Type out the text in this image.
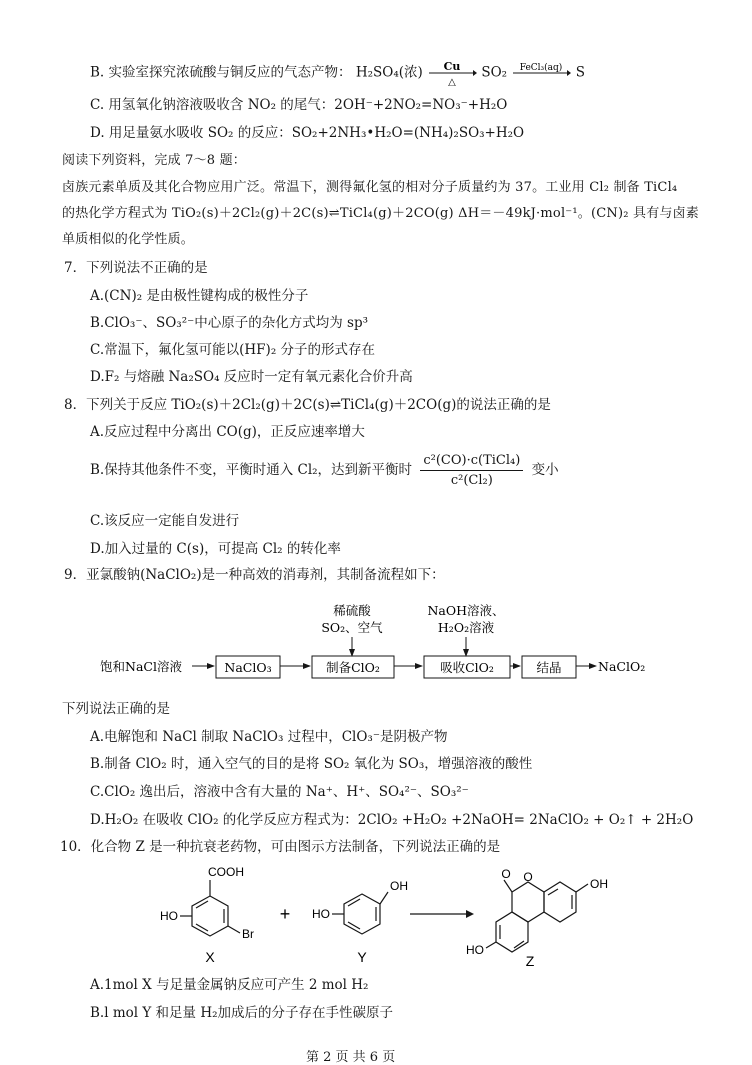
B. 实验室探究浓硫酸与铜反应的气态产物： H₂SO₄(浓) Cu
△
SO₂ FeCl₃(aq) S
C. 用氢氧化钠溶液吸收含 NO₂ 的尾气：2OH⁻+2NO₂=NO₃⁻+H₂O
D. 用足量氨水吸收 SO₂ 的反应：SO₂+2NH₃•H₂O=(NH₄)₂SO₃+H₂O
阅读下列资料，完成 7～8 题：
卤族元素单质及其化合物应用广泛。常温下，测得氟化氢的相对分子质量约为 37。工业用 Cl₂ 制备 TiCl₄
的热化学方程式为 TiO₂(s)＋2Cl₂(g)＋2C(s)⇌TiCl₄(g)＋2CO(g) ΔH＝－49kJ·mol⁻¹。(CN)₂ 具有与卤素
单质相似的化学性质。
7．下列说法不正确的是
A.(CN)₂ 是由极性键构成的极性分子
B.ClO₃⁻、SO₃²⁻中心原子的杂化方式均为 sp³
C.常温下，氟化氢可能以(HF)₂ 分子的形式存在
D.F₂ 与熔融 Na₂SO₄ 反应时一定有氧元素化合价升高
8．下列关于反应 TiO₂(s)＋2Cl₂(g)＋2C(s)⇌TiCl₄(g)＋2CO(g)的说法正确的是
A.反应过程中分离出 CO(g)，正反应速率增大
B.保持其他条件不变，平衡时通入 Cl₂，达到新平衡时 $\frac{\text{c²(CO)·c(TiCl₄)}}{\text{c²(Cl₂)}}$ 变小
C.该反应一定能自发进行
D.加入过量的 C(s)，可提高 Cl₂ 的转化率
9．亚氯酸钠(NaClO₂)是一种高效的消毒剂，其制备流程如下：
稀硫酸
SO₂、空气
NaOH溶液、
H₂O₂溶液
饱和NaCl溶液	NaClO₃	制备ClO₂	吸收ClO₂	结晶	NaClO₂
下列说法正确的是
A.电解饱和 NaCl 制取 NaClO₃ 过程中，ClO₃⁻是阴极产物
B.制备 ClO₂ 时，通入空气的目的是将 SO₂ 氧化为 SO₃，增强溶液的酸性
C.ClO₂ 逸出后，溶液中含有大量的 Na⁺、H⁺、SO₄²⁻、SO₃²⁻
D.H₂O₂ 在吸收 ClO₂ 的化学反应方程式为：2ClO₂ +H₂O₂ +2NaOH= 2NaClO₂ + O₂↑ + 2H₂O
10．化合物 Z 是一种抗衰老药物，可由图示方法制备，下列说法正确的是
COOH
HO
Br
X
+
OH
HO
Y
O O	OH
HO
Z
A.1mol X 与足量金属钠反应可产生 2 mol H₂
B.l mol Y 和足量 H₂加成后的分子存在手性碳原子
第 2 页 共 6 页
